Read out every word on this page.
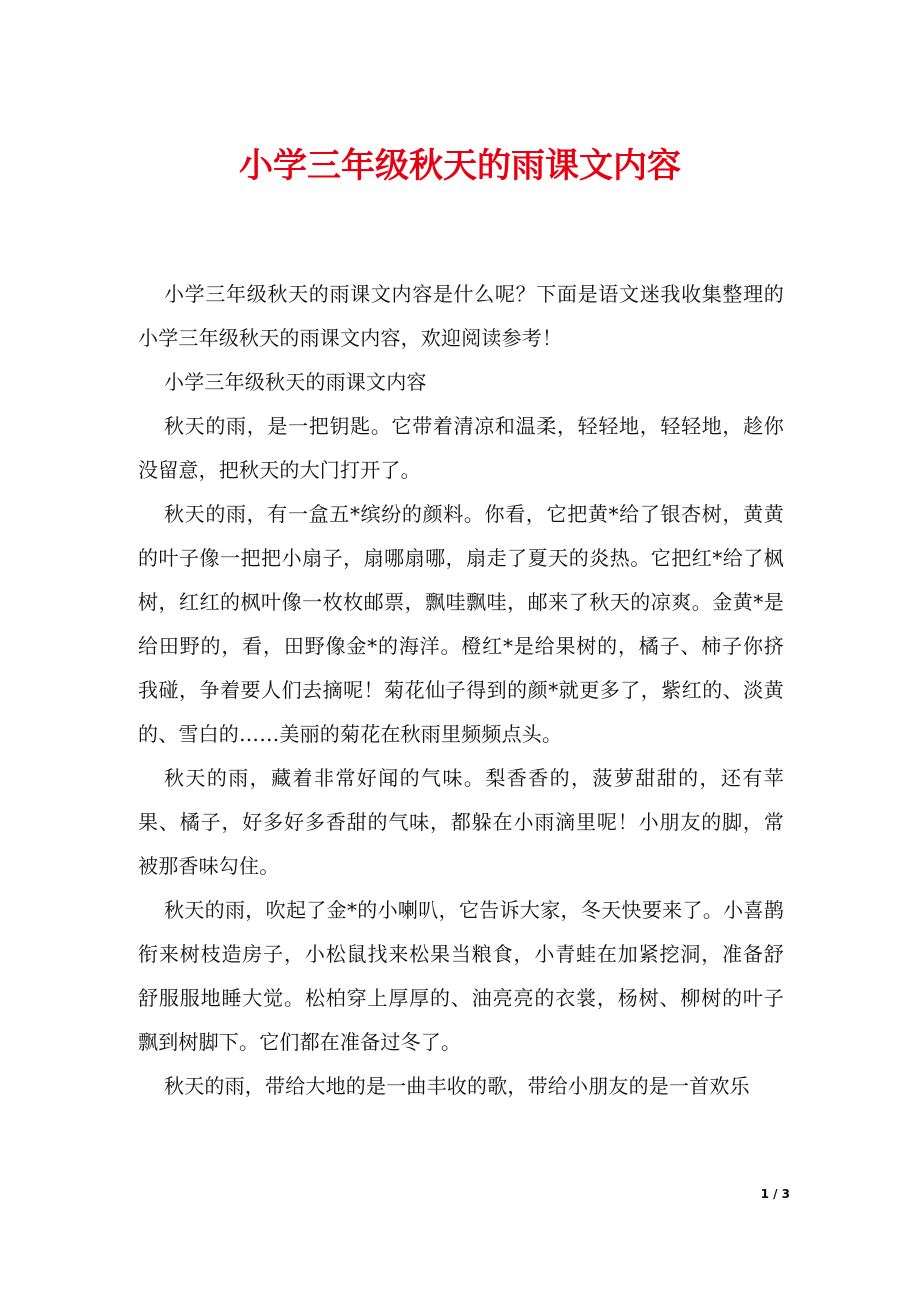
小学三年级秋天的雨课文内容

小学三年级秋天的雨课文内容是什么呢？下面是语文迷我收集整理的小学三年级秋天的雨课文内容，欢迎阅读参考！

小学三年级秋天的雨课文内容

秋天的雨，是一把钥匙。它带着清凉和温柔，轻轻地，轻轻地，趁你没留意，把秋天的大门打开了。

秋天的雨，有一盒五*缤纷的颜料。你看，它把黄*给了银杏树，黄黄的叶子像一把把小扇子，扇哪扇哪，扇走了夏天的炎热。它把红*给了枫树，红红的枫叶像一枚枚邮票，飘哇飘哇，邮来了秋天的凉爽。金黄*是给田野的，看，田野像金*的海洋。橙红*是给果树的，橘子、柿子你挤我碰，争着要人们去摘呢！菊花仙子得到的颜*就更多了，紫红的、淡黄的、雪白的……美丽的菊花在秋雨里频频点头。

秋天的雨，藏着非常好闻的气味。梨香香的，菠萝甜甜的，还有苹果、橘子，好多好多香甜的气味，都躲在小雨滴里呢！小朋友的脚，常被那香味勾住。

秋天的雨，吹起了金*的小喇叭，它告诉大家，冬天快要来了。小喜鹊衔来树枝造房子，小松鼠找来松果当粮食，小青蛙在加紧挖洞，准备舒舒服服地睡大觉。松柏穿上厚厚的、油亮亮的衣裳，杨树、柳树的叶子飘到树脚下。它们都在准备过冬了。

秋天的雨，带给大地的是一曲丰收的歌，带给小朋友的是一首欢乐

1 / 3
